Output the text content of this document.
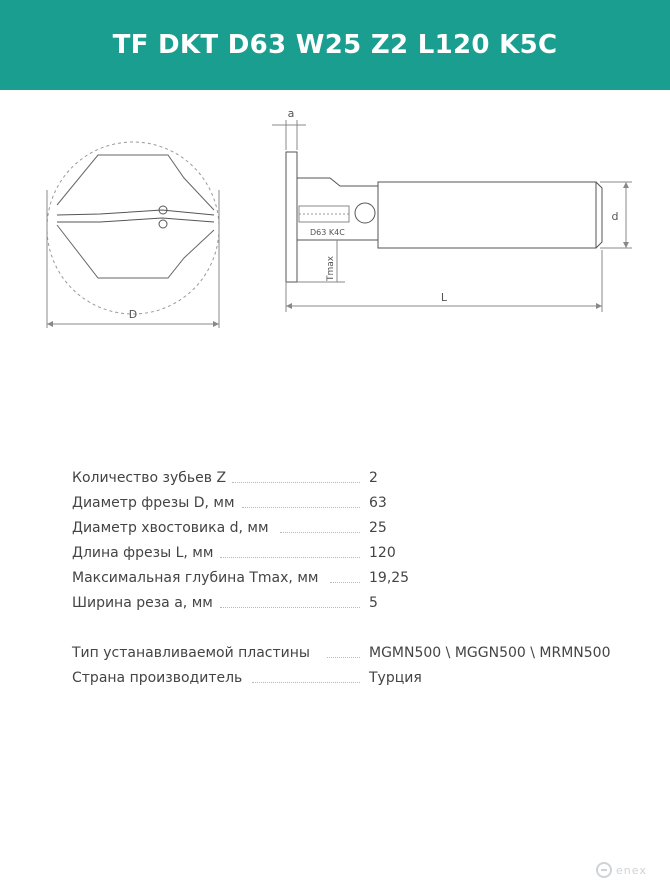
TF DKT D63 W25 Z2 L120 K5C
D
a
d
L
Tmax
D63 K4C
Количество зубьев Z	2
Диаметр фрезы D, мм	63
Диаметр хвостовика d, мм	25
Длина фрезы L, мм	120
Максимальная глубина Tmax, мм	19,25
Ширина реза a, мм	5
Тип устанавливаемой пластины	MGMN500 \ MGGN500 \ MRMN500
Страна производитель	Турция
enex
